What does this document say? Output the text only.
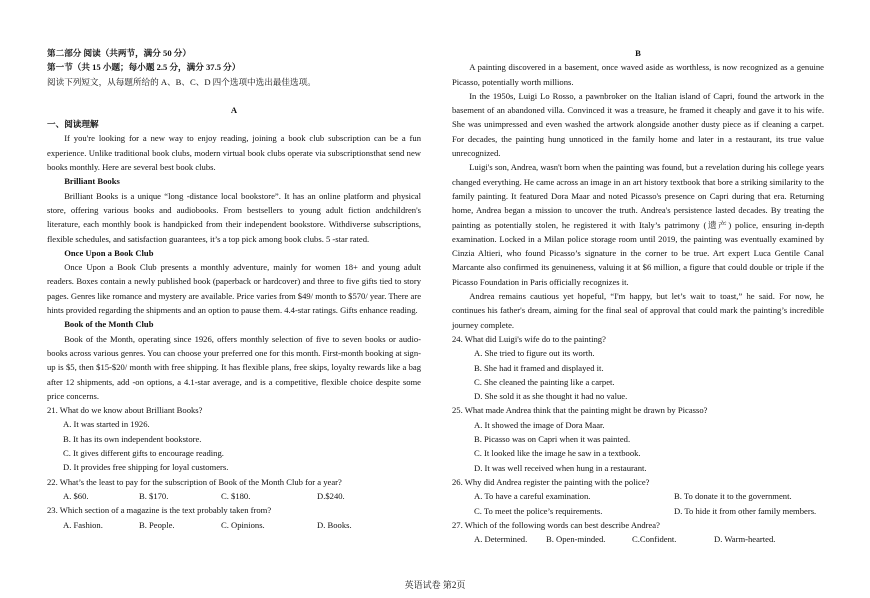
第二部分 阅读（共两节，满分 50 分）
第一节（共 15 小题；每小题 2.5 分，满分 37.5 分）
阅读下列短文，从每题所给的 A、B、C、D 四个选项中选出最佳选项。
A
一、阅读理解

If you're looking for a new way to enjoy reading, joining a book club subscription can be a fun experience. Unlike traditional book clubs, modern virtual book clubs operate via subscriptionsthat send new books monthly. Here are several best book clubs.

Brilliant Books

Brilliant Books is a unique “long -distance local bookstore”. It has an online platform and physical store, offering various books and audiobooks. From bestsellers to young adult fiction andchildren's literature, each monthly book is handpicked from their independent bookstore. Withdiverse subscriptions, flexible schedules, and satisfaction guarantees, it’s a top pick among book clubs. 5 -star rated.

Once Upon a Book Club

Once Upon a Book Club presents a monthly adventure, mainly for women 18+ and young adult readers. Boxes contain a newly published book (paperback or hardcover) and three to five gifts tied to story pages. Genres like romance and mystery are available. Price varies from $49/ month to $570/ year. There are hints provided regarding the shipments and an option to pause them. 4.4-star ratings. Gifts enhance reading.

Book of the Month Club

Book of the Month, operating since 1926, offers monthly selection of five to seven books or audio-books across various genres. You can choose your preferred one for this month. First-month booking at sign-up is $5, then $15-$20/ month with free shipping. It has flexible plans, free skips, loyalty rewards like a bag after 12 shipments, add -on options, a 4.1-star average, and is a competitive, flexible choice despite some price concerns.

21. What do we know about Brilliant Books?
A. It was started in 1926.
B. It has its own independent bookstore.
C. It gives different gifts to encourage reading.
D. It provides free shipping for loyal customers.
22. What’s the least to pay for the subscription of Book of the Month Club for a year?
A. $60.	B. $170.	C. $180.	D.$240.
23. Which section of a magazine is the text probably taken from?
A. Fashion.	B. People.	C. Opinions.	D. Books.
B

A painting discovered in a basement, once waved aside as worthless, is now recognized as a genuine Picasso, potentially worth millions.

In the 1950s, Luigi Lo Rosso, a pawnbroker on the Italian island of Capri, found the artwork in the basement of an abandoned villa. Convinced it was a treasure, he framed it cheaply and gave it to his wife. She was unimpressed and even washed the artwork alongside another dusty piece as if cleaning a carpet. For decades, the painting hung unnoticed in the family home and later in a restaurant, its true value unrecognized.

Luigi's son, Andrea, wasn't born when the painting was found, but a revelation during his college years changed everything. He came across an image in an art history textbook that bore a striking similarity to the family painting. It featured Dora Maar and noted Picasso's presence on Capri during that era. Returning home, Andrea began a mission to uncover the truth. Andrea's persistence lasted decades. By treating the painting as potentially stolen, he registered it with Italy’s patrimony (遗产) police, ensuring in-depth examination. Locked in a Milan police storage room until 2019, the painting was eventually examined by Cinzia Altieri, who found Picasso’s signature in the corner to be true. Art expert Luca Gentile Canal Marcante also confirmed its genuineness, valuing it at $6 million, a figure that could double or triple if the Picasso Foundation in Paris officially recognizes it.

Andrea remains cautious yet hopeful, “I'm happy, but let’s wait to toast,” he said. For now, he continues his father's dream, aiming for the final seal of approval that could mark the painting’s incredible journey complete.

24. What did Luigi's wife do to the painting?
A. She tried to figure out its worth.
B. She had it framed and displayed it.
C. She cleaned the painting like a carpet.
D. She sold it as she thought it had no value.
25. What made Andrea think that the painting might be drawn by Picasso?
A. It showed the image of Dora Maar.
B. Picasso was on Capri when it was painted.
C. It looked like the image he saw in a textbook.
D. It was well received when hung in a restaurant.
26. Why did Andrea register the painting with the police?
A. To have a careful examination.	B. To donate it to the government.
C. To meet the police’s requirements.	D. To hide it from other family members.
27. Which of the following words can best describe Andrea?
A. Determined.	B. Open-minded.	C.Confident.	D. Warm-hearted.
英语试卷 第2页
